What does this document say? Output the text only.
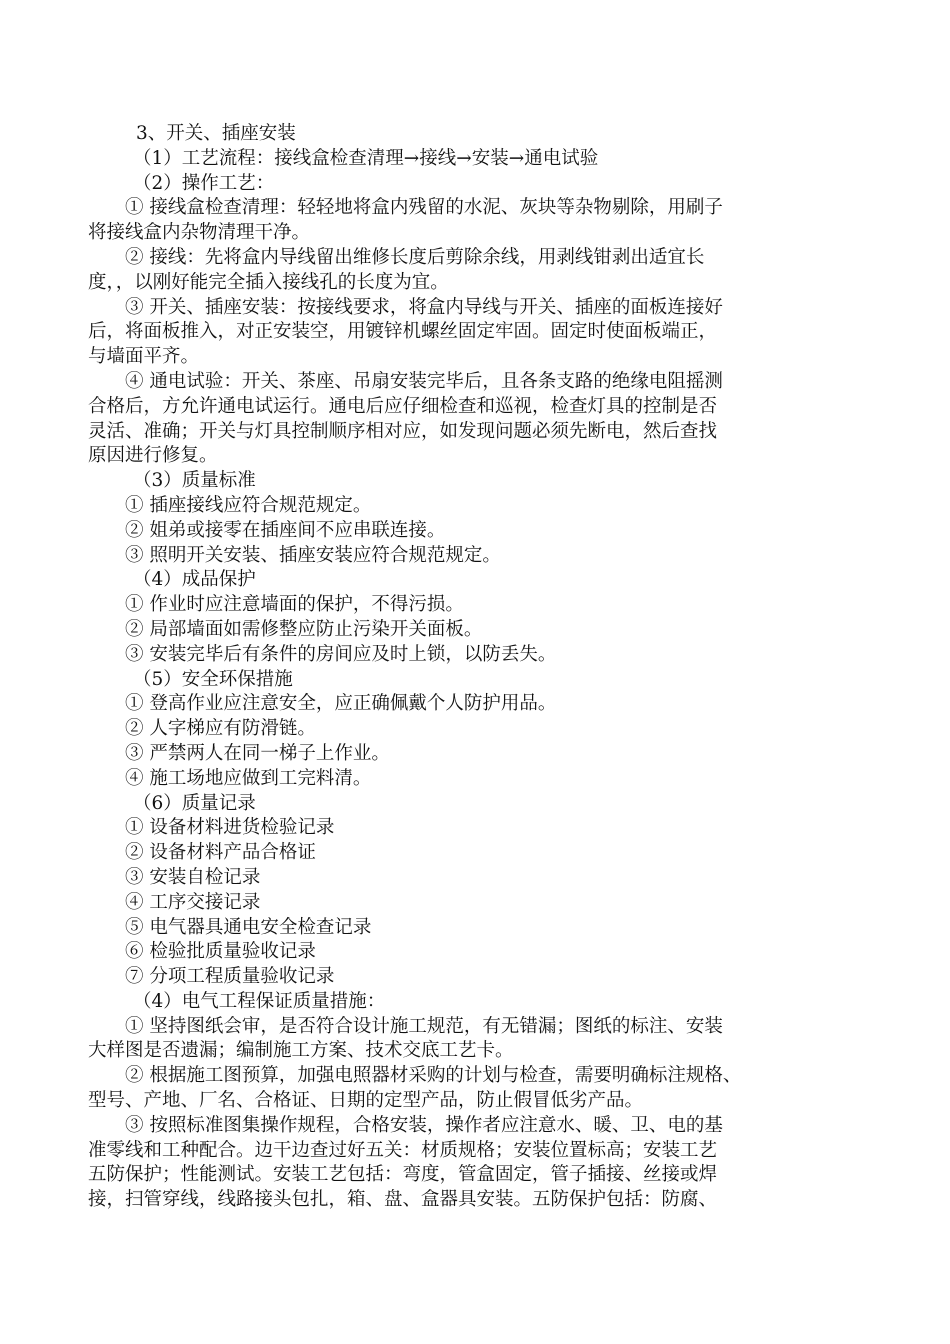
3、开关、插座安装
（1）工艺流程：接线盒检查清理→接线→安装→通电试验
（2）操作工艺：
① 接线盒检查清理：轻轻地将盒内残留的水泥、灰块等杂物剔除，用刷子
将接线盒内杂物清理干净。
② 接线：先将盒内导线留出维修长度后剪除余线，用剥线钳剥出适宜长
度，，以刚好能完全插入接线孔的长度为宜。
③ 开关、插座安装：按接线要求，将盒内导线与开关、插座的面板连接好
后，将面板推入，对正安装空，用镀锌机螺丝固定牢固。固定时使面板端正，
与墙面平齐。
④ 通电试验：开关、茶座、吊扇安装完毕后，且各条支路的绝缘电阻摇测
合格后，方允许通电试运行。通电后应仔细检查和巡视，检查灯具的控制是否
灵活、准确；开关与灯具控制顺序相对应，如发现问题必须先断电，然后查找
原因进行修复。
（3）质量标准
① 插座接线应符合规范规定。
② 姐弟或接零在插座间不应串联连接。
③ 照明开关安装、插座安装应符合规范规定。
（4）成品保护
① 作业时应注意墙面的保护，不得污损。
② 局部墙面如需修整应防止污染开关面板。
③ 安装完毕后有条件的房间应及时上锁，以防丢失。
（5）安全环保措施
① 登高作业应注意安全，应正确佩戴个人防护用品。
② 人字梯应有防滑链。
③ 严禁两人在同一梯子上作业。
④ 施工场地应做到工完料清。
（6）质量记录
① 设备材料进货检验记录
② 设备材料产品合格证
③ 安装自检记录
④ 工序交接记录
⑤ 电气器具通电安全检查记录
⑥ 检验批质量验收记录
⑦ 分项工程质量验收记录
（4）电气工程保证质量措施：
① 坚持图纸会审，是否符合设计施工规范，有无错漏；图纸的标注、安装
大样图是否遗漏；编制施工方案、技术交底工艺卡。
② 根据施工图预算，加强电照器材采购的计划与检查，需要明确标注规格、
型号、产地、厂名、合格证、日期的定型产品，防止假冒低劣产品。
③ 按照标准图集操作规程，合格安装，操作者应注意水、暖、卫、电的基
准零线和工种配合。边干边查过好五关：材质规格；安装位置标高；安装工艺
五防保护；性能测试。安装工艺包括：弯度，管盒固定，管子插接、丝接或焊
接，扫管穿线，线路接头包扎，箱、盘、盒器具安装。五防保护包括：防腐、
